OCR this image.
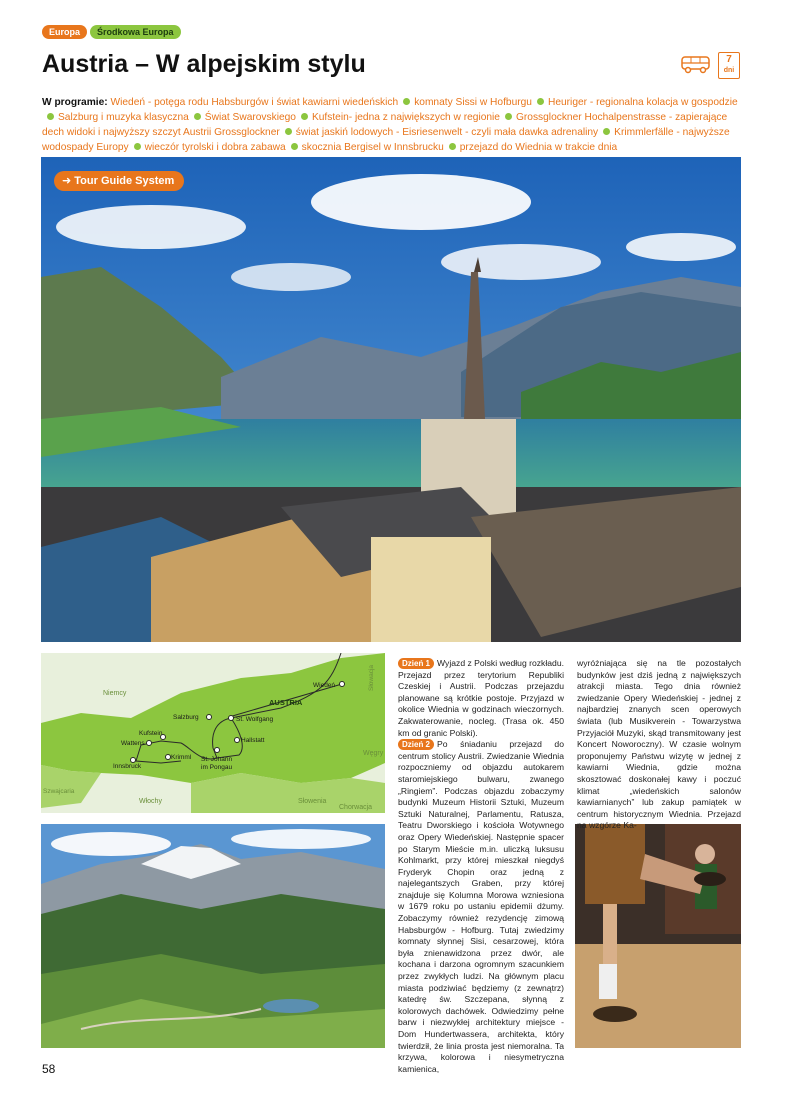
Europa	Środkowa Europa
Austria – W alpejskim stylu	7
dni
W programie: Wiedeń - potęga rodu Habsburgów i świat kawiarni wiedeńskich komnaty Sissi w Hofburgu Heuriger - regionalna kolacja w gospodzieSalzburg i muzyka klasyczna Świat Swarovskiego Kufstein- jedna z największych w regionie Grossglockner Hochalpenstrasse - zapierające dech widoki i najwyższy szczyt Austrii Grossglockner świat jaskiń lodowych - Eisriesenwelt - czyli mała dawka adrenaliny Krimmlerfälle - najwyższe wodospady Europy wieczór tyrolski i dobra zabawa skocznia Bergisel w Innsbrucku przejazd do Wiednia w trakcie dnia
➜ Tour Guide System
Niemcy
Słowacja
Węgry
Szwajcaria
Włochy	Słowenia
Chorwacja
AUSTRIA
Wiedeń
Salzburg	St. Wolfgang
Kufstein
Wattens	Hallstatt
Krimml
Innsbruck
St. Johann
im Pongau

Dzień 1 Wyjazd z Polski według rozkładu. Przejazd przez terytorium Republiki Czeskiej i Austrii. Podczas przejazdu planowane są krótkie postoje. Przyjazd w okolice Wiednia w godzinach wieczornych. Zakwaterowanie, nocleg. (Trasa ok. 450 km od granic Polski).

Dzień 2 Po śniadaniu przejazd do centrum stolicy Austrii. Zwiedzanie Wiednia rozpoczniemy od objazdu autokarem staromiejskiego bulwaru, zwanego „Ringiem”. Podczas objazdu zobaczymy budynki Muzeum Historii Sztuki, Muzeum Sztuki Naturalnej, Parlamentu, Ratusza, Teatru Dworskiego i kościoła Wotywnego oraz Opery Wiedeńskiej. Następnie spacer po Starym Mieście m.in. uliczką luksusu Kohlmarkt, przy której mieszkał niegdyś Fryderyk Chopin oraz jedną z najelegantszych Graben, przy której znajduje się Kolumna Morowa wzniesiona w 1679 roku po ustaniu epidemii dżumy. Zobaczymy również rezydencję zimową Habsburgów - Hofburg. Tutaj zwiedzimy komnaty słynnej Sisi, cesarzowej, która była znienawidzona przez dwór, ale kochana i darzona ogromnym szacunkiem przez zwykłych ludzi. Na głównym placu miasta podziwiać będziemy (z zewnątrz) katedrę św. Szczepana, słynną z kolorowych dachówek. Odwiedzimy pełne barw i niezwykłej architektury miejsce - Dom Hundertwassera, architekta, który twierdził, że linia prosta jest niemoralna. Ta krzywa, kolorowa i niesymetryczna kamienica,

wyróżniająca się na tle pozostałych budynków jest dziś jedną z największych atrakcji miasta. Tego dnia również zwiedzanie Opery Wiedeńskiej - jednej z najbardziej znanych scen operowych świata (lub Musikverein - Towarzystwa Przyjaciół Muzyki, skąd transmitowany jest Koncert Noworoczny). W czasie wolnym proponujemy Państwu wizytę w jednej z kawiarni Wiednia, gdzie można skosztować doskonałej kawy i poczuć klimat „wiedeńskich salonów kawiarnianych” lub zakup pamiątek w centrum historycznym Wiednia. Przejazd na wzgórze Ka-

58
